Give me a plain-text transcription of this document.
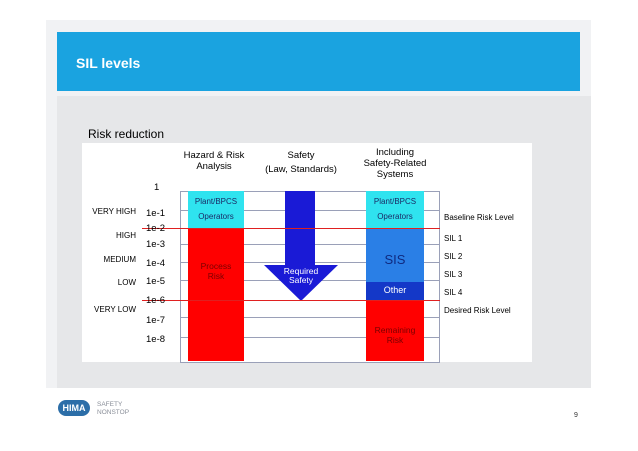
SIL levels
Risk reduction
Hazard & Risk
Analysis
Safety
(Law, Standards)
Including
Safety-Related
Systems
Plant/BPCS
Operators
Process
Risk	Required
Safety
Plant/BPCS
Operators
SIS
Other
Remaining
Risk
1
1e-1
1e-2
1e-3
1e-4
1e-5
1e-6
1e-7
1e-8
VERY HIGH
HIGH
MEDIUM
LOW
VERY LOW
Baseline Risk Level
SIL 1
SIL 2
SIL 3
SIL 4
Desired Risk Level
HIMA	SAFETY
NONSTOP	9
